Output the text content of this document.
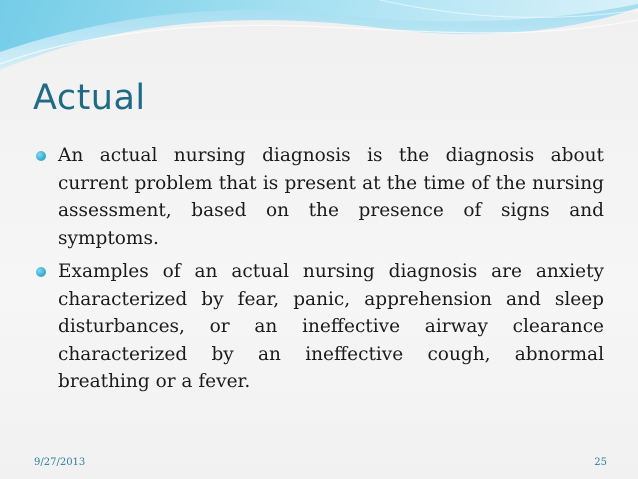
Actual
An actual nursing diagnosis is the diagnosis about current problem that is present at the time of the nursing assessment, based on the presence of signs and symptoms.
Examples of an actual nursing diagnosis are anxiety characterized by fear, panic, apprehension and sleep disturbances, or an ineffective airway clearance characterized by an ineffective cough, abnormal breathing or a fever.
9/27/2013	25
